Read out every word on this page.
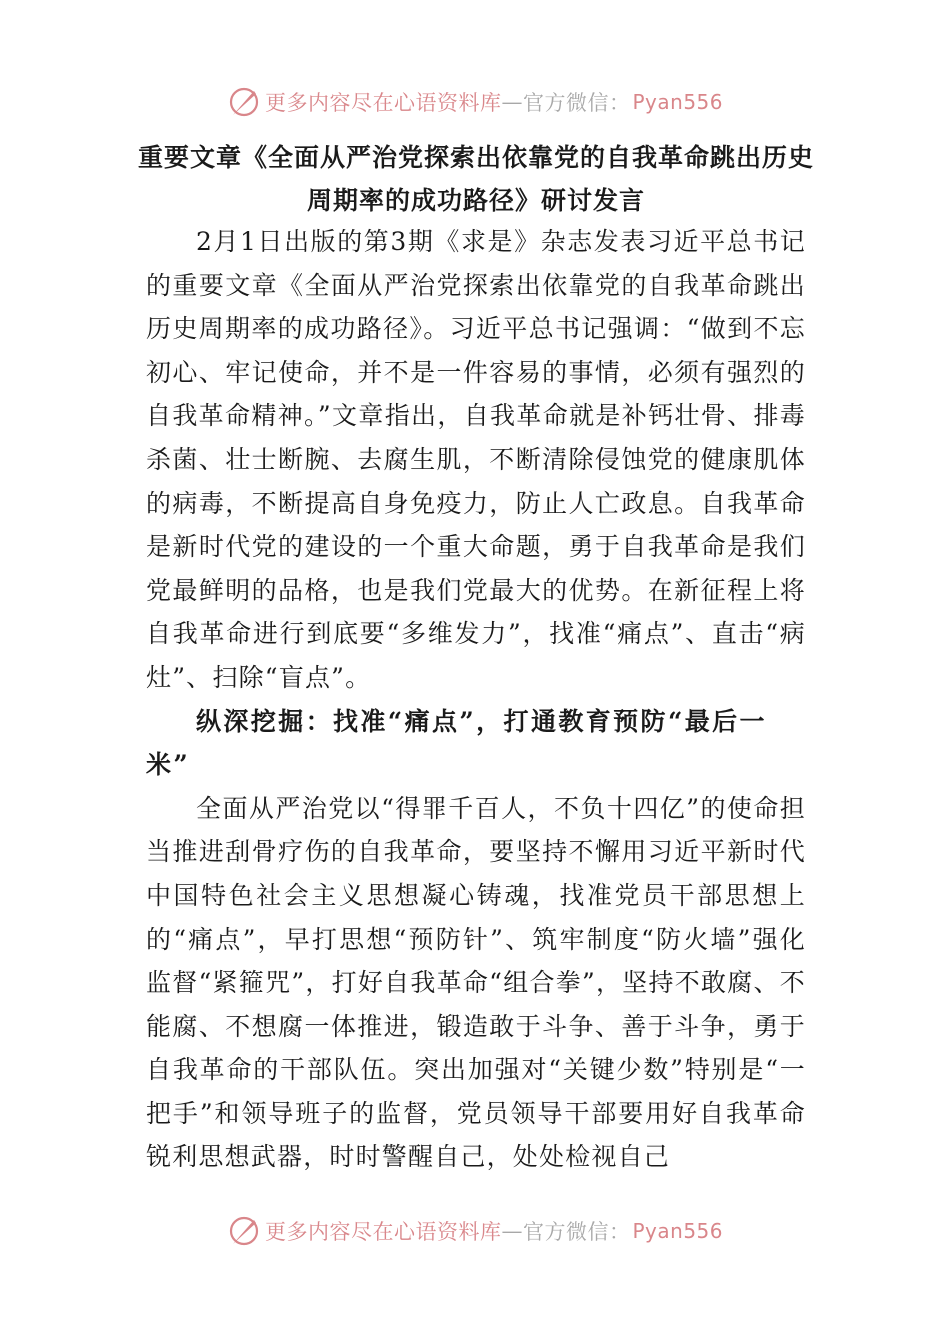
更多内容尽在心语资料库 — 官方微信： Pyan556
重要文章《全面从严治党探索出依靠党的自我革命跳出历史周期率的成功路径》研讨发言

2月1日出版的第3期《求是》杂志发表习近平总书记的重要文章《全面从严治党探索出依靠党的自我革命跳出历史周期率的成功路径》。习近平总书记强调：“做到不忘初心、牢记使命，并不是一件容易的事情，必须有强烈的自我革命精神。”文章指出，自我革命就是补钙壮骨、排毒杀菌、壮士断腕、去腐生肌，不断清除侵蚀党的健康肌体的病毒，不断提高自身免疫力，防止人亡政息。自我革命是新时代党的建设的一个重大命题，勇于自我革命是我们党最鲜明的品格，也是我们党最大的优势。在新征程上将自我革命进行到底要“多维发力”，找准“痛点”、直击“病灶”、扫除“盲点”。

纵深挖掘：找准“痛点”，打通教育预防“最后一米”

全面从严治党以“得罪千百人，不负十四亿”的使命担当推进刮骨疗伤的自我革命，要坚持不懈用习近平新时代中国特色社会主义思想凝心铸魂，找准党员干部思想上的“痛点”，早打思想“预防针”、筑牢制度“防火墙”强化监督“紧箍咒”，打好自我革命“组合拳”，坚持不敢腐、不能腐、不想腐一体推进，锻造敢于斗争、善于斗争，勇于自我革命的干部队伍。突出加强对“关键少数”特别是“一把手”和领导班子的监督，党员领导干部要用好自我革命锐利思想武器，时时警醒自己，处处检视自己

更多内容尽在心语资料库 — 官方微信： Pyan556
